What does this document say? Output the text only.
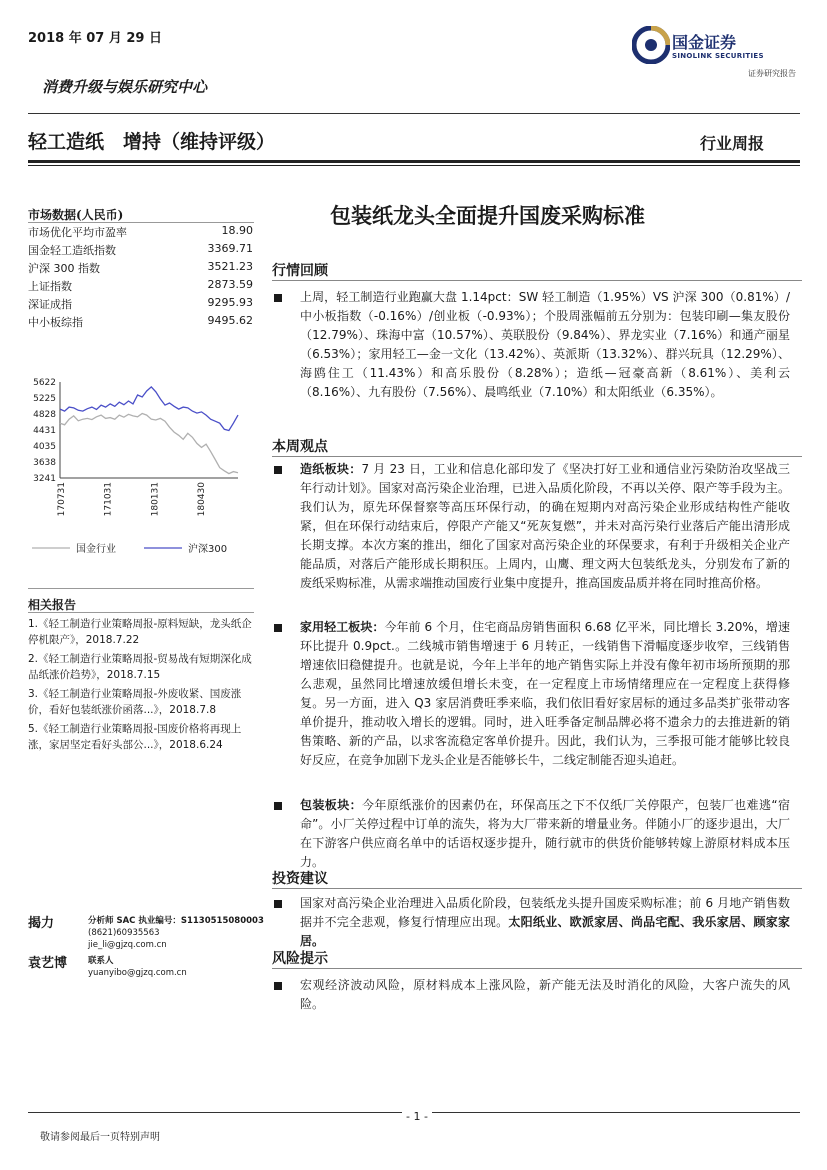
2018 年 07 月 29 日
消费升级与娱乐研究中心
轻工造纸　增持（维持评级）	行业周报
国金证券
SINOLINK SECURITIES
证券研究报告
市场数据(人民币)
市场优化平均市盈率	18.90
国金轻工造纸指数	3369.71
沪深 300 指数	3521.23
上证指数	2873.59
深证成指	9295.93
中小板综指	9495.62
5622
5225
4828
4431
4035
3638
3241
170731	171031	180131	180430
国金行业	沪深300
相关报告
1.《轻工制造行业策略周报-原料短缺，龙头纸企停机限产》，2018.7.22
2.《轻工制造行业策略周报-贸易战有短期深化成品纸涨价趋势》，2018.7.15
3.《轻工制造行业策略周报-外废收紧、国废涨价，看好包装纸涨价函落...》，2018.7.8
5.《轻工制造行业策略周报-国废价格将再现上涨，家居坚定看好头部公...》，2018.6.24
揭力	分析师 SAC 执业编号：S1130515080003
(8621)60935563
jie_li@gjzq.com.cn
袁艺博 联系人
yuanyibo@gjzq.com.cn
包装纸龙头全面提升国废采购标准
行情回顾
上周，轻工制造行业跑赢大盘 1.14pct：SW 轻工制造（1.95%）VS 沪深 300（0.81%）/中小板指数（-0.16%）/创业板（-0.93%）；个股周涨幅前五分别为：包装印刷—集友股份（12.79%）、珠海中富（10.57%）、英联股份（9.84%）、界龙实业（7.16%）和通产丽星（6.53%）；家用轻工—金一文化（13.42%）、英派斯（13.32%）、群兴玩具（12.29%）、海鸥住工（11.43%）和高乐股份（8.28%）；造纸—冠豪高新（8.61%）、美利云（8.16%）、九有股份（7.56%）、晨鸣纸业（7.10%）和太阳纸业（6.35%）。
本周观点
造纸板块：7 月 23 日，工业和信息化部印发了《坚决打好工业和通信业污染防治攻坚战三年行动计划》。国家对高污染企业治理，已进入品质化阶段，不再以关停、限产等手段为主。我们认为，原先环保督察等高压环保行动，的确在短期内对高污染企业形成结构性产能收紧，但在环保行动结束后，停限产产能又“死灰复燃”，并未对高污染行业落后产能出清形成长期支撑。本次方案的推出，细化了国家对高污染企业的环保要求，有利于升级相关企业产能品质，对落后产能形成长期积压。上周内，山鹰、理文两大包装纸龙头，分别发布了新的废纸采购标准，从需求端推动国废行业集中度提升，推高国废品质并将在同时推高价格。
家用轻工板块：今年前 6 个月，住宅商品房销售面积 6.68 亿平米，同比增长 3.20%，增速环比提升 0.9pct.。二线城市销售增速于 6 月转正，一线销售下滑幅度逐步收窄，三线销售增速依旧稳健提升。也就是说，今年上半年的地产销售实际上并没有像年初市场所预期的那么悲观，虽然同比增速放缓但增长未变，在一定程度上市场情绪理应在一定程度上获得修复。另一方面，进入 Q3 家居消费旺季来临，我们依旧看好家居标的通过多品类扩张带动客单价提升，推动收入增长的逻辑。同时，进入旺季备定制品牌必将不遗余力的去推进新的销售策略、新的产品，以求客流稳定客单价提升。因此，我们认为，三季报可能才能够比较良好反应，在竞争加剧下龙头企业是否能够长牛，二线定制能否迎头追赶。
包装板块：今年原纸涨价的因素仍在，环保高压之下不仅纸厂关停限产，包装厂也难逃“宿命”。小厂关停过程中订单的流失，将为大厂带来新的增量业务。伴随小厂的逐步退出，大厂在下游客户供应商名单中的话语权逐步提升，随行就市的供货价能够转嫁上游原材料成本压力。
投资建议
国家对高污染企业治理进入品质化阶段，包装纸龙头提升国废采购标准；前 6 月地产销售数据并不完全悲观，修复行情理应出现。太阳纸业、欧派家居、尚品宅配、我乐家居、顾家家居。
风险提示
宏观经济波动风险，原材料成本上涨风险，新产能无法及时消化的风险，大客户流失的风险。
- 1 -
敬请参阅最后一页特别声明
